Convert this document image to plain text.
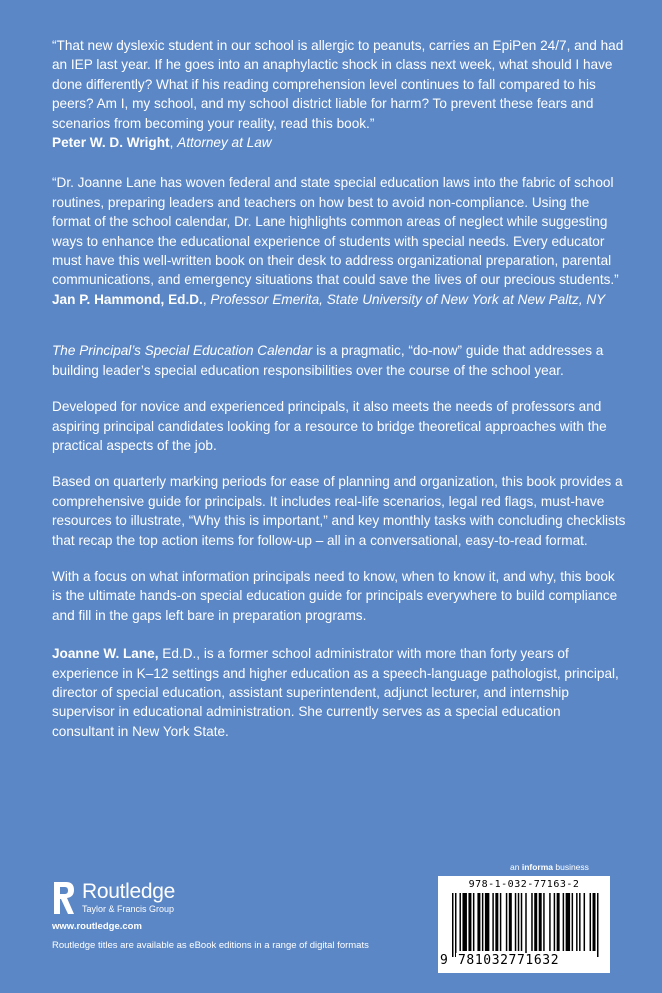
“That new dyslexic student in our school is allergic to peanuts, carries an EpiPen 24/7, and had an IEP last year. If he goes into an anaphylactic shock in class next week, what should I have done differently? What if his reading comprehension level continues to fall compared to his peers? Am I, my school, and my school district liable for harm? To prevent these fears and scenarios from becoming your reality, read this book.”
Peter W. D. Wright, Attorney at Law

“Dr. Joanne Lane has woven federal and state special education laws into the fabric of school routines, preparing leaders and teachers on how best to avoid non-compliance. Using the format of the school calendar, Dr. Lane highlights common areas of neglect while suggesting ways to enhance the educational experience of students with special needs. Every educator must have this well-written book on their desk to address organizational preparation, parental communications, and emergency situations that could save the lives of our precious students.”
Jan P. Hammond, Ed.D., Professor Emerita, State University of New York at New Paltz, NY

The Principal’s Special Education Calendar is a pragmatic, “do-now” guide that addresses a building leader’s special education responsibilities over the course of the school year.

Developed for novice and experienced principals, it also meets the needs of professors and aspiring principal candidates looking for a resource to bridge theoretical approaches with the practical aspects of the job.

Based on quarterly marking periods for ease of planning and organization, this book provides a comprehensive guide for principals. It includes real-life scenarios, legal red flags, must-have resources to illustrate, “Why this is important,” and key monthly tasks with concluding checklists that recap the top action items for follow-up – all in a conversational, easy-to-read format.

With a focus on what information principals need to know, when to know it, and why, this book is the ultimate hands-on special education guide for principals everywhere to build compliance and fill in the gaps left bare in preparation programs.

Joanne W. Lane, Ed.D., is a former school administrator with more than forty years of experience in K–12 settings and higher education as a speech-language pathologist, principal, director of special education, assistant superintendent, adjunct lecturer, and internship supervisor in educational administration. She currently serves as a special education consultant in New York State.

an informa business
Routledge
Taylor & Francis Group
www.routledge.com
Routledge titles are available as eBook editions in a range of digital formats
978-1-032-77163-2
9 781032771632
